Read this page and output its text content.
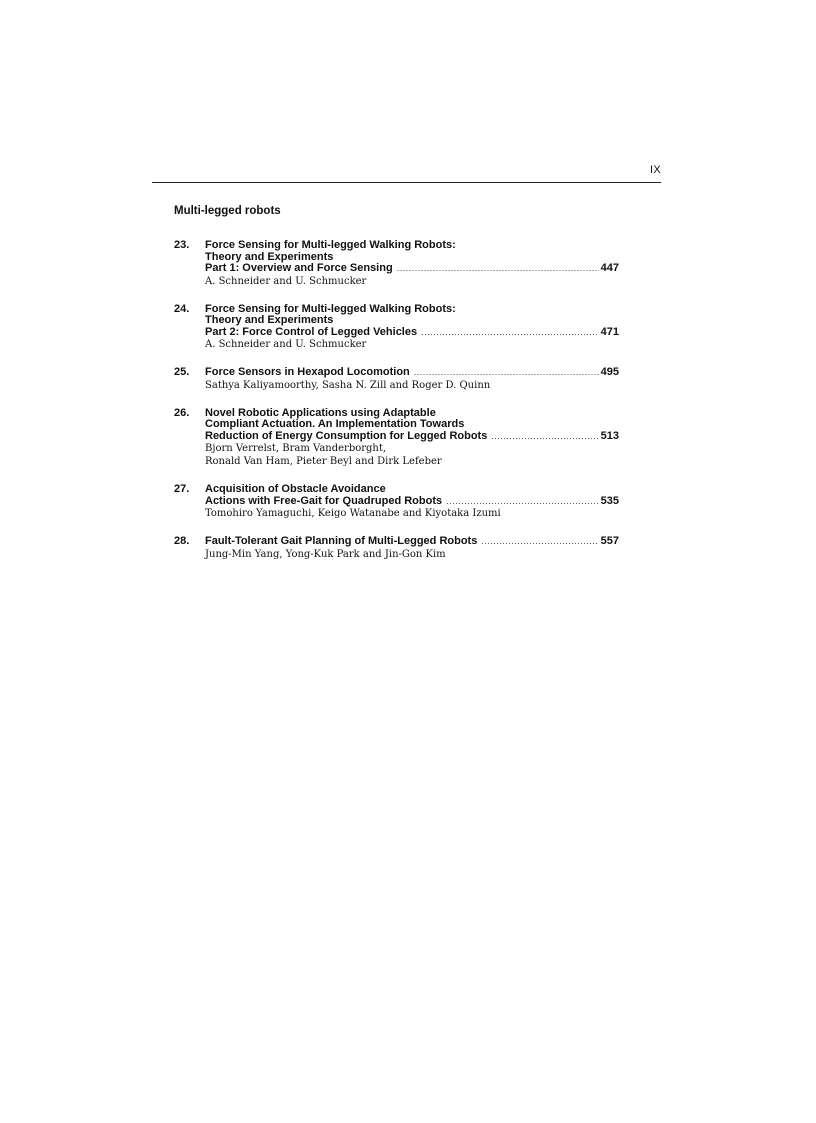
IX
Multi-legged robots
23.	Force Sensing for Multi-legged Walking Robots:
Theory and Experiments
Part 1: Overview and Force Sensing .....	447
A. Schneider and U. Schmucker
24.	Force Sensing for Multi-legged Walking Robots:
Theory and Experiments
Part 2: Force Control of Legged Vehicles .....	471
A. Schneider and U. Schmucker
25.	Force Sensors in Hexapod Locomotion .....	495
Sathya Kaliyamoorthy, Sasha N. Zill and Roger D. Quinn
26.	Novel Robotic Applications using Adaptable
Compliant Actuation. An Implementation Towards
Reduction of Energy Consumption for Legged Robots .....	513
Bjorn Verrelst, Bram Vanderborght,
Ronald Van Ham, Pieter Beyl and Dirk Lefeber
27.	Acquisition of Obstacle Avoidance
Actions with Free-Gait for Quadruped Robots .....	535
Tomohiro Yamaguchi, Keigo Watanabe and Kiyotaka Izumi
28.	Fault-Tolerant Gait Planning of Multi-Legged Robots .....	557
Jung-Min Yang, Yong-Kuk Park and Jin-Gon Kim
